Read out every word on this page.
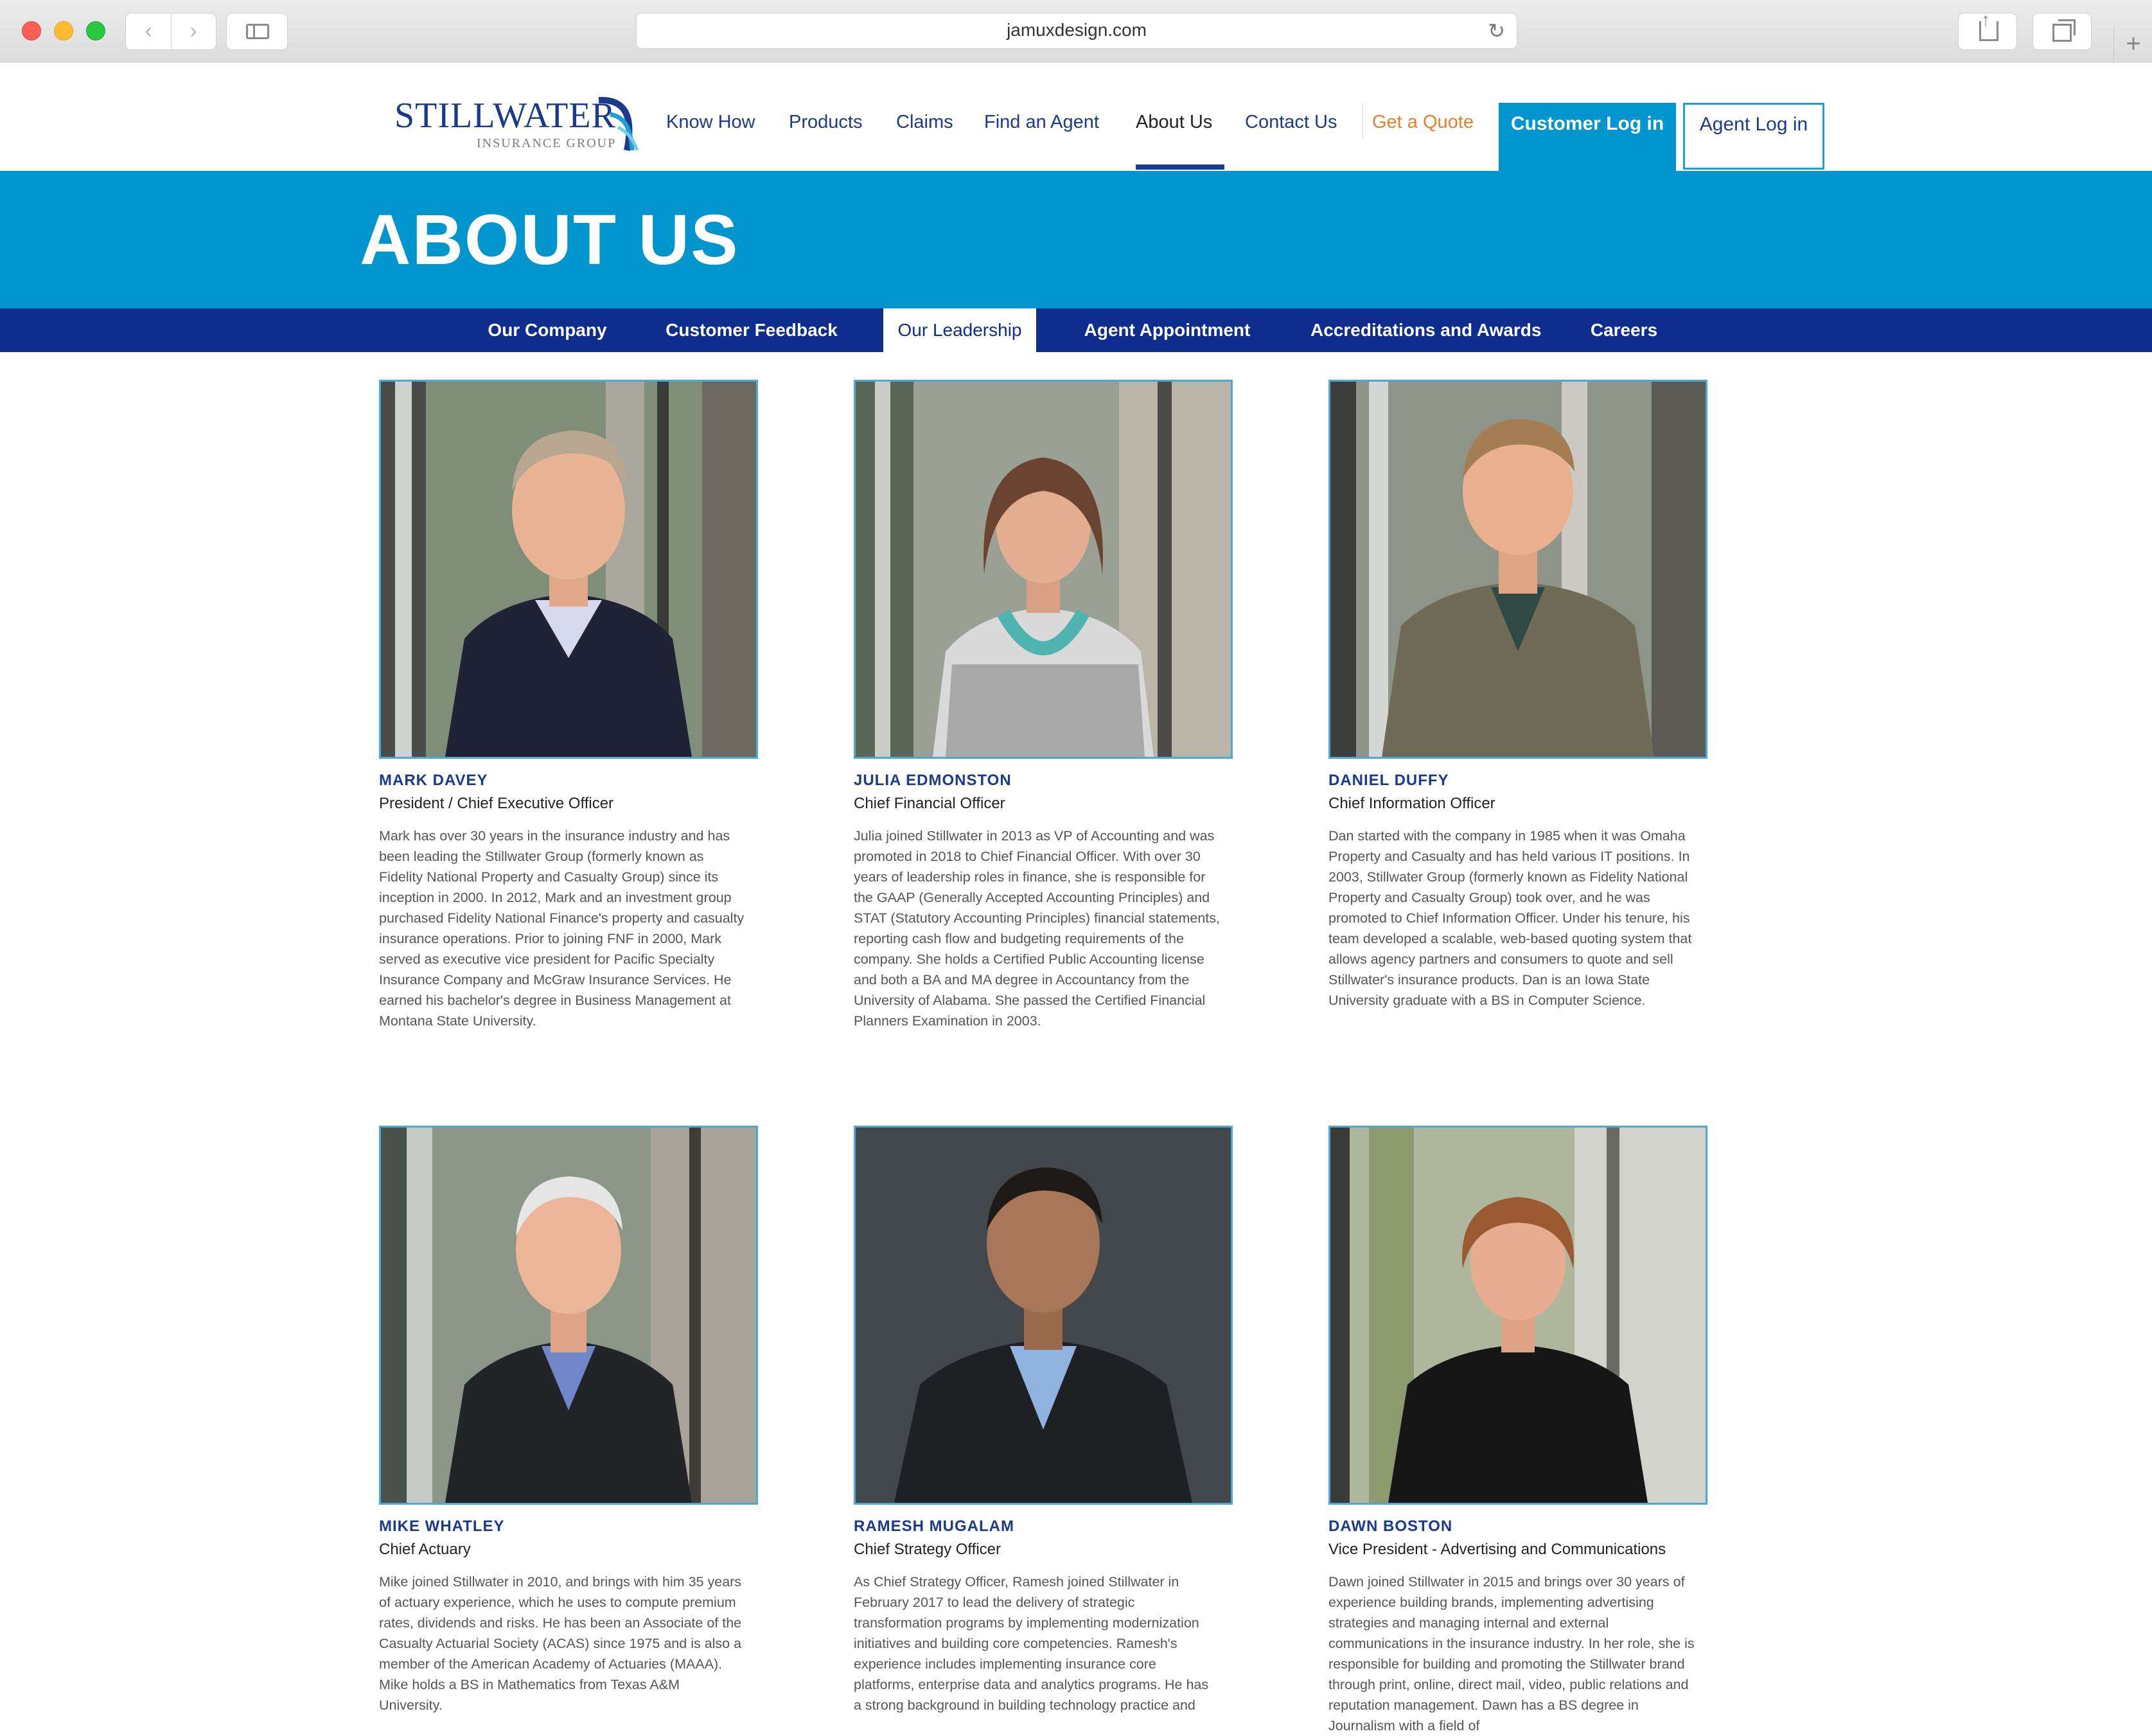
‹	›	jamuxdesign.com	↻
↑	+
STILLWATER
INSURANCE GROUP
Know How Products Claims Find an Agent About Us Contact Us Get a Quote	Customer Log in	Agent Log in
ABOUT US
Our Company	Customer Feedback	Our Leadership	Agent Appointment	Accreditations and Awards	Careers
MARK DAVEY
President / Chief Executive Officer
Mark has over 30 years in the insurance industry and has been leading the Stillwater Group (formerly known as Fidelity National Property and Casualty Group) since its inception in 2000. In 2012, Mark and an investment group purchased Fidelity National Finance's property and casualty insurance operations. Prior to joining FNF in 2000, Mark served as executive vice president for Pacific Specialty Insurance Company and McGraw Insurance Services. He earned his bachelor's degree in Business Management at Montana State University.
JULIA EDMONSTON
Chief Financial Officer
Julia joined Stillwater in 2013 as VP of Accounting and was promoted in 2018 to Chief Financial Officer. With over 30 years of leadership roles in finance, she is responsible for the GAAP (Generally Accepted Accounting Principles) and STAT (Statutory Accounting Principles) financial statements, reporting cash flow and budgeting requirements of the company. She holds a Certified Public Accounting license and both a BA and MA degree in Accountancy from the University of Alabama. She passed the Certified Financial Planners Examination in 2003.
DANIEL DUFFY
Chief Information Officer
Dan started with the company in 1985 when it was Omaha Property and Casualty and has held various IT positions. In 2003, Stillwater Group (formerly known as Fidelity National Property and Casualty Group) took over, and he was promoted to Chief Information Officer. Under his tenure, his team developed a scalable, web-based quoting system that allows agency partners and consumers to quote and sell Stillwater's insurance products. Dan is an Iowa State University graduate with a BS in Computer Science.
MIKE WHATLEY
Chief Actuary
Mike joined Stillwater in 2010, and brings with him 35 years of actuary experience, which he uses to compute premium rates, dividends and risks. He has been an Associate of the Casualty Actuarial Society (ACAS) since 1975 and is also a member of the American Academy of Actuaries (MAAA). Mike holds a BS in Mathematics from Texas A&M University.
RAMESH MUGALAM
Chief Strategy Officer
As Chief Strategy Officer, Ramesh joined Stillwater in February 2017 to lead the delivery of strategic transformation programs by implementing modernization initiatives and building core competencies. Ramesh's experience includes implementing insurance core platforms, enterprise data and analytics programs. He has a strong background in building technology practice and
DAWN BOSTON
Vice President - Advertising and Communications
Dawn joined Stillwater in 2015 and brings over 30 years of experience building brands, implementing advertising strategies and managing internal and external communications in the insurance industry. In her role, she is responsible for building and promoting the Stillwater brand through print, online, direct mail, video, public relations and reputation management. Dawn has a BS degree in Journalism with a field of
